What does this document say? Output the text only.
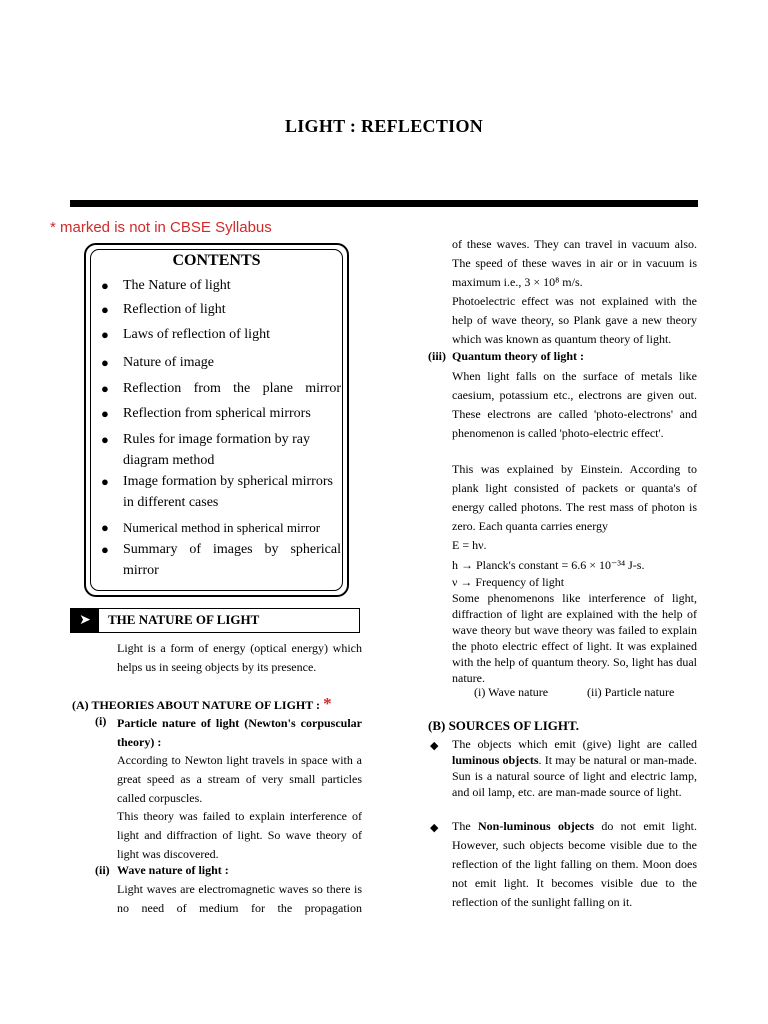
LIGHT : REFLECTION
* marked is not in CBSE Syllabus
CONTENTS
● The Nature of light
● Reflection of light
● Laws of reflection of light
● Nature of image
● Reflection from the plane mirror
● Reflection from spherical mirrors
● Rules for image formation by ray diagram method
● Image formation by spherical mirrors in different cases
● Numerical method in spherical mirror
● Summary of images by spherical mirror
➤	THE NATURE OF LIGHT
Light is a form of energy (optical energy) which helps us in seeing objects by its presence.
(A) THEORIES ABOUT NATURE OF LIGHT : *
(i) Particle nature of light (Newton's corpuscular theory) :
According to Newton light travels in space with a great speed as a stream of very small particles called corpuscles.
This theory was failed to explain interference of light and diffraction of light. So wave theory of light was discovered.
(ii) Wave nature of light :
Light waves are electromagnetic waves so there is no need of medium for the propagation
of these waves. They can travel in vacuum also. The speed of these waves in air or in vacuum is maximum i.e., 3 × 10⁸ m/s.
Photoelectric effect was not explained with the help of wave theory, so Plank gave a new theory which was known as quantum theory of light.
(iii) Quantum theory of light :
When light falls on the surface of metals like caesium, potassium etc., electrons are given out. These electrons are called 'photo-electrons' and phenomenon is called 'photo-electric effect'.
This was explained by Einstein. According to plank light consisted of packets or quanta's of energy called photons. The rest mass of photon is zero. Each quanta carries energy
E = hν.
h → Planck's constant = 6.6 × 10⁻³⁴ J-s.
ν → Frequency of light
Some phenomenons like interference of light, diffraction of light are explained with the help of wave theory but wave theory was failed to explain the photo electric effect of light. It was explained with the help of quantum theory. So, light has dual nature.
(i) Wave nature	(ii) Particle nature
(B) SOURCES OF LIGHT.
◆ The objects which emit (give) light are called luminous objects. It may be natural or man-made. Sun is a natural source of light and electric lamp, and oil lamp, etc. are man-made source of light.
◆ The Non-luminous objects do not emit light. However, such objects become visible due to the reflection of the light falling on them. Moon does not emit light. It becomes visible due to the reflection of the sunlight falling on it.
